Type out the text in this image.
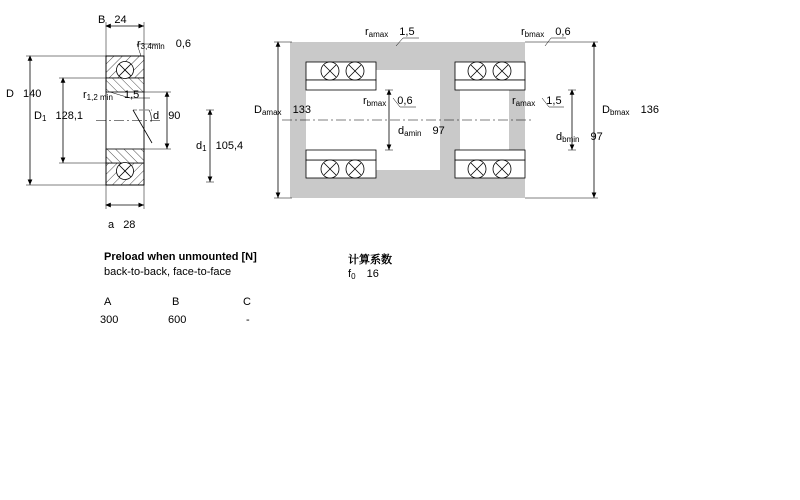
B 24
$r_{3,4min}$ 0,6
D 140	$r_{1,2 min}$ 1,5
$D_1$ 128,1	d 90
$d_1$ 105,4
a 28
$r_{amax}$ 1,5	$r_{bmax}$ 0,6
$D_{amax}$ 133
$r_{bmax}$ 0,6
$d_{amin}$ 97
$r_{amax}$ 1,5
$D_{bmax}$ 136
$d_{bmin}$ 97
Preload when unmounted [N]
back-to-back, face-to-face
A	B	C
300	600	-
计算系数
$f_0$ 16
